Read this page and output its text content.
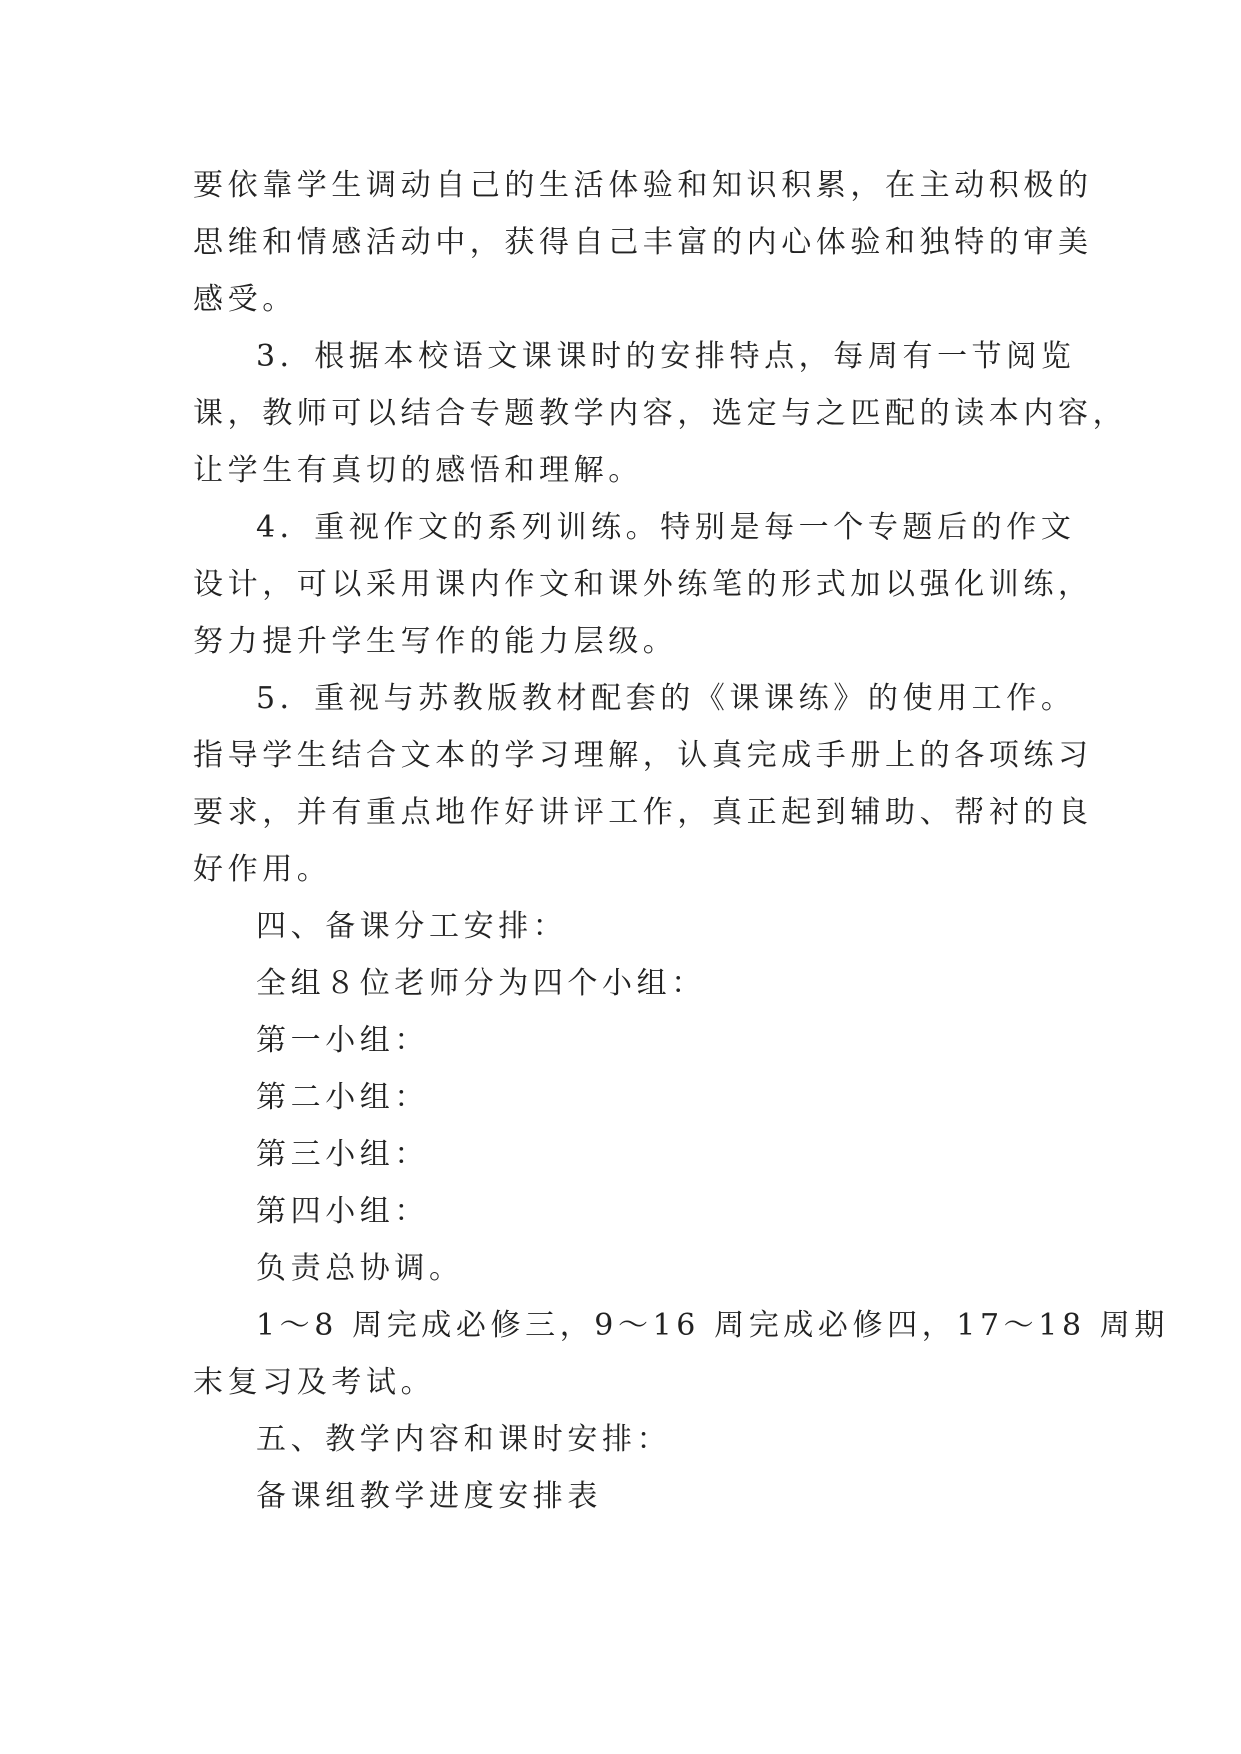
要依靠学生调动自己的生活体验和知识积累，在主动积极的
思维和情感活动中，获得自己丰富的内心体验和独特的审美
感受。
3．根据本校语文课课时的安排特点，每周有一节阅览
课，教师可以结合专题教学内容，选定与之匹配的读本内容，
让学生有真切的感悟和理解。
4．重视作文的系列训练。特别是每一个专题后的作文
设计，可以采用课内作文和课外练笔的形式加以强化训练，
努力提升学生写作的能力层级。
5．重视与苏教版教材配套的《课课练》的使用工作。
指导学生结合文本的学习理解，认真完成手册上的各项练习
要求，并有重点地作好讲评工作，真正起到辅助、帮衬的良
好作用。
四、备课分工安排：
全组８位老师分为四个小组：
第一小组：
第二小组：
第三小组：
第四小组：
负责总协调。
1～8 周完成必修三，9～16 周完成必修四，17～18 周期
末复习及考试。
五、教学内容和课时安排：
备课组教学进度安排表
